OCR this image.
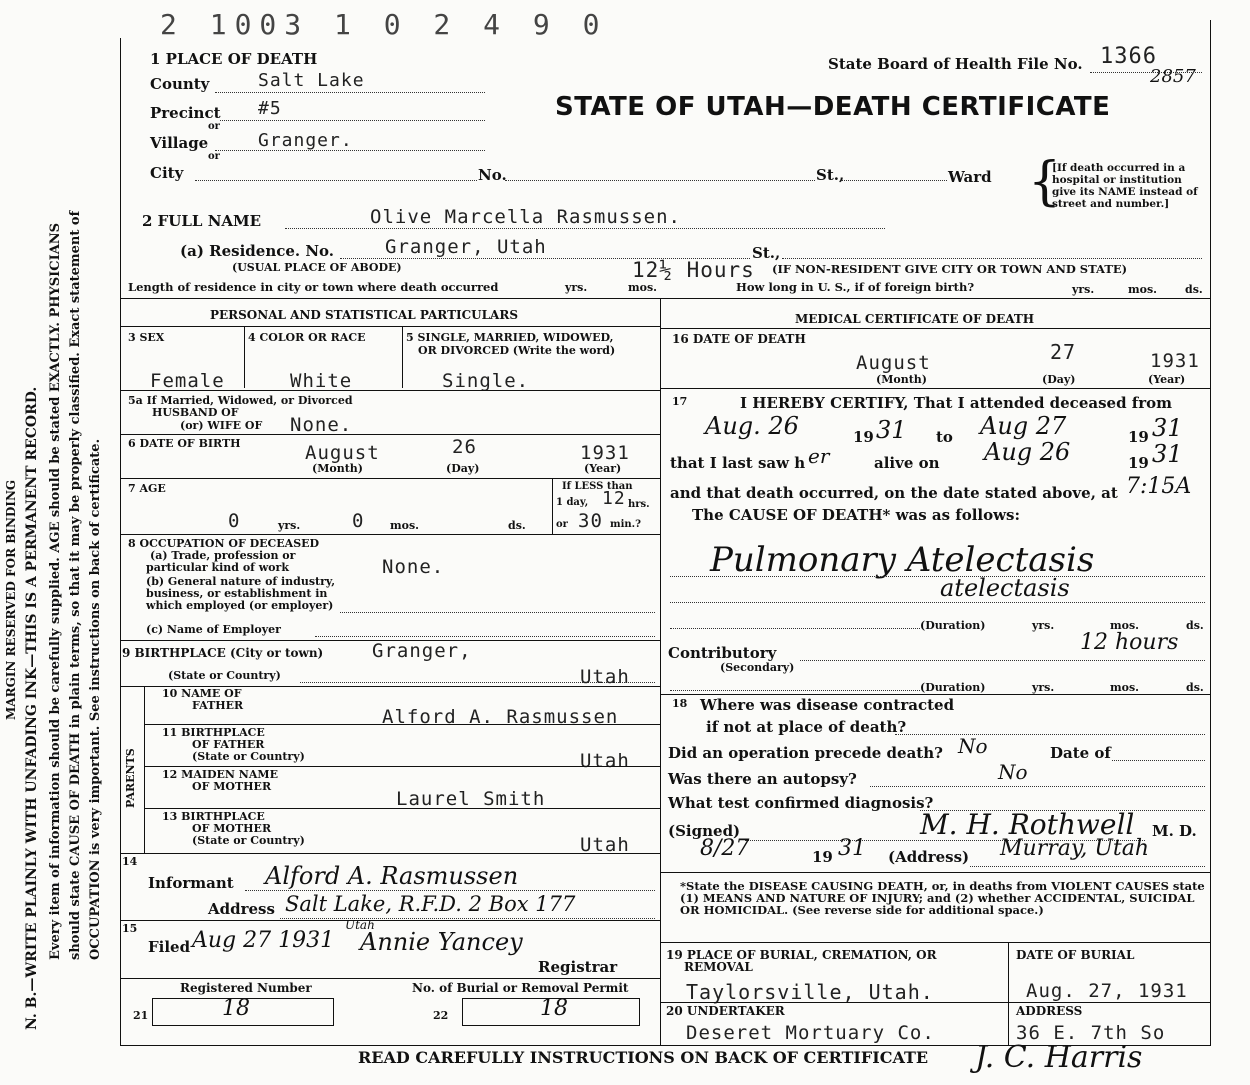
MARGIN RESERVED FOR BINDING N. B.—WRITE PLAINLY WITH UNFADING INK—THIS IS A PERMANENT RECORD. Every item of information should be carefully supplied. AGE should be stated EXACTLY. PHYSICIANS should state CAUSE OF DEATH in plain terms, so that it may be properly classified. Exact statement of OCCUPATION is very important. See instructions on back of certificate.
2 1003 1 0 2 4 9 0
State Board of Health File No. 1366
2857
STATE OF UTAH—DEATH CERTIFICATE
1 PLACE OF DEATH
County	Salt Lake
Precinct #5
or
Village	Granger.
or
City	No.	St.,	Ward {
[If death occurred in a hospital or institution give its NAME instead of street and number.]
2 FULL NAME	Olive Marcella Rasmussen.
(a) Residence. No.	Granger, Utah	St.,
(USUAL PLACE OF ABODE)	12½ Hours (IF NON-RESIDENT GIVE CITY OR TOWN AND STATE)
Length of residence in city or town where death occurred	yrs.	mos.	How long in U. S., if of foreign birth?	yrs.	mos.	ds.
PERSONAL AND STATISTICAL PARTICULARS
3 SEX	4 COLOR OR RACE	5 SINGLE, MARRIED, WIDOWED,
OR DIVORCED (Write the word)
Female	White	Single.
5a If Married, Widowed, or Divorced
HUSBAND OF
(or) WIFE OF None.
6 DATE OF BIRTH	August	26	1931
(Month)	(Day)	(Year)
7 AGE	If LESS than
1 day, 12 hrs.
or 30 min.?
0	yrs.	0 mos.	ds.
8 OCCUPATION OF DECEASED
(a) Trade, profession or
particular kind of work	None.
(b) General nature of industry,
business, or establishment in
which employed (or employer)
(c) Name of Employer
9 BIRTHPLACE (City or town)	Granger,
(State or Country)	Utah
PARENTS
10 NAME OF
FATHER
Alford A. Rasmussen
11 BIRTHPLACE
OF FATHER
(State or Country)	Utah
12 MAIDEN NAME
OF MOTHER
Laurel Smith
13 BIRTHPLACE
OF MOTHER
(State or Country)	Utah
14
Informant Alford A. Rasmussen
Address Salt Lake, R.F.D. 2 Box 177
15
Filed Aug 27 1931
Utah
Annie Yancey
Registrar
Registered Number	No. of Burial or Removal Permit
21	18	22	18
MEDICAL CERTIFICATE OF DEATH
16 DATE OF DEATH
August	27	1931
(Month)	(Day)	(Year)
17	I HEREBY CERTIFY, That I attended deceased from
Aug. 26	19 31 to Aug 27	19 31
that I last saw h er	alive on Aug 26	19 31
and that death occurred, on the date stated above, at 7:15A
The CAUSE OF DEATH* was as follows:
Pulmonary Atelectasis
atelectasis
(Duration)	yrs.	mos.	ds.
Contributory
(Secondary)
12 hours
(Duration)	yrs.	mos.	ds.
18 Where was disease contracted
if not at place of death?
Did an operation precede death? No	Date of
Was there an autopsy?	No
What test confirmed diagnosis?
(Signed)	M. H. Rothwell M. D.
8/27	19 31 (Address) Murray, Utah
*State the DISEASE CAUSING DEATH, or, in deaths from VIOLENT CAUSES state (1) MEANS AND NATURE OF INJURY; and (2) whether ACCIDENTAL, SUICIDAL OR HOMICIDAL. (See reverse side for additional space.)
19 PLACE OF BURIAL, CREMATION, OR
REMOVAL
Taylorsville, Utah.
DATE OF BURIAL
Aug. 27, 1931
20 UNDERTAKER
Deseret Mortuary Co.
ADDRESS
36 E. 7th So
READ CAREFULLY INSTRUCTIONS ON BACK OF CERTIFICATE J. C. Harris
